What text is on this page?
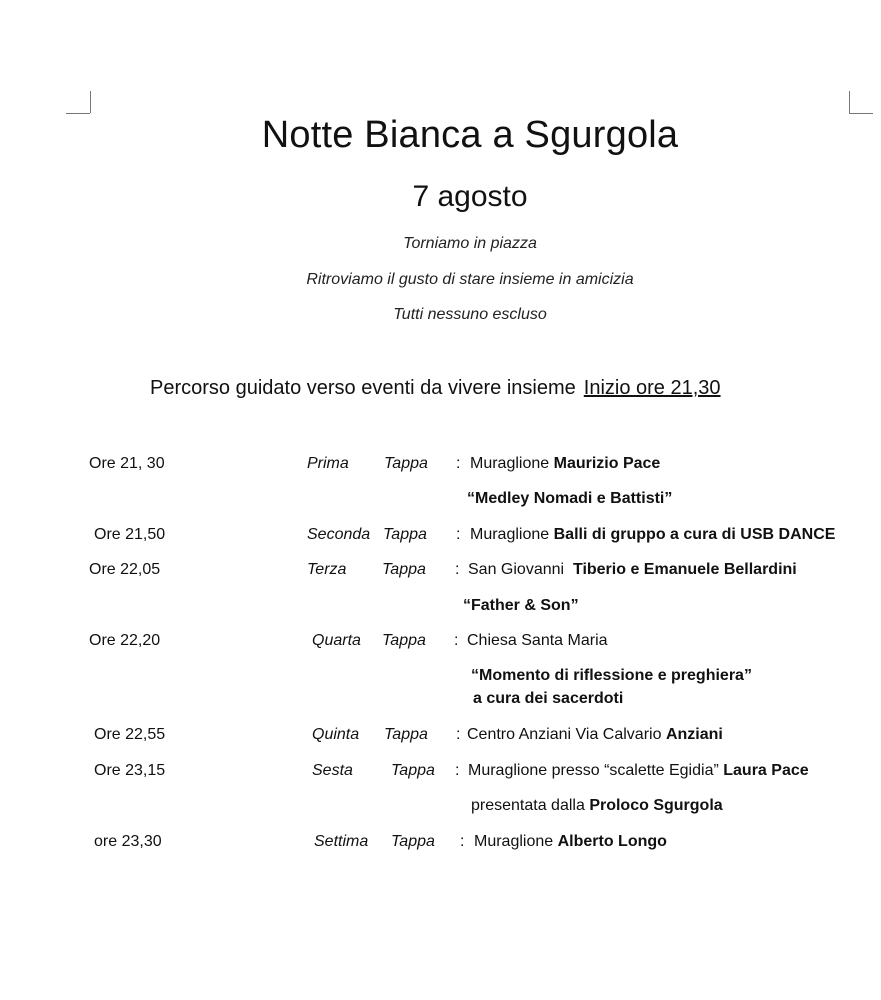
Notte Bianca a Sgurgola
7 agosto
Torniamo in piazza
Ritroviamo il gusto di stare insieme in amicizia
Tutti nessuno escluso
Percorso guidato verso eventi da vivere insieme Inizio ore 21,30
Ore 21, 30	Prima Tappa : Muraglione Maurizio Pace
“Medley Nomadi e Battisti”
Ore 21,50	Seconda Tappa : Muraglione Balli di gruppo a cura di USB DANCE
Ore 22,05	Terza Tappa : San Giovanni Tiberio e Emanuele Bellardini
“Father & Son”
Ore 22,20	Quarta Tappa : Chiesa Santa Maria
“Momento di riflessione e preghiera”
a cura dei sacerdoti
Ore 22,55	Quinta Tappa : Centro Anziani Via Calvario Anziani
Ore 23,15	Sesta Tappa : Muraglione presso “scalette Egidia” Laura Pace
presentata dalla Proloco Sgurgola
ore 23,30	Settima Tappa : Muraglione Alberto Longo
